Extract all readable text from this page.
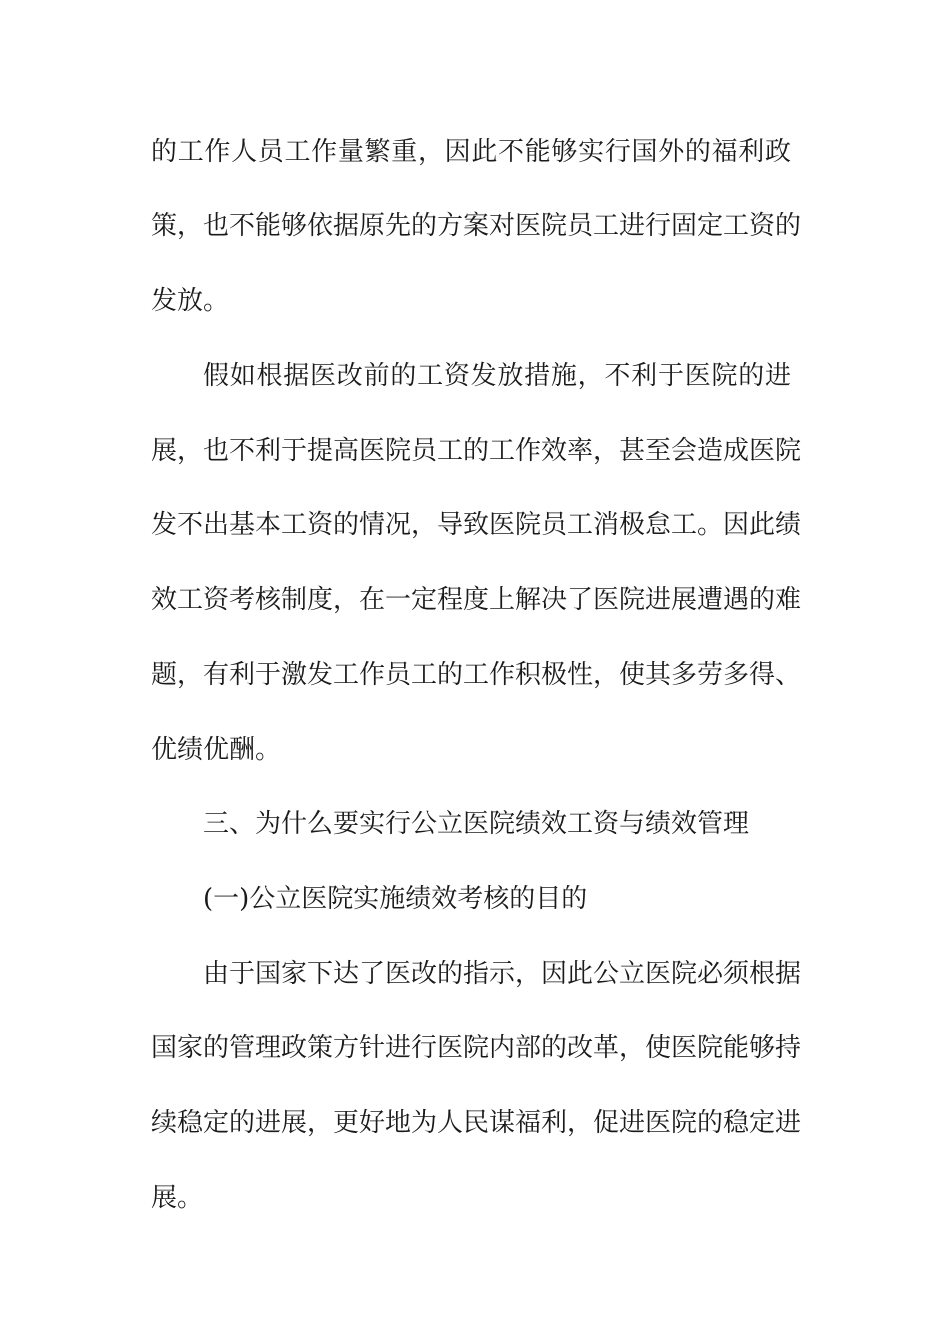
的工作人员工作量繁重，因此不能够实行国外的福利政
策，也不能够依据原先的方案对医院员工进行固定工资的
发放。
假如根据医改前的工资发放措施，不利于医院的进
展，也不利于提高医院员工的工作效率，甚至会造成医院
发不出基本工资的情况，导致医院员工消极怠工。因此绩
效工资考核制度，在一定程度上解决了医院进展遭遇的难
题，有利于激发工作员工的工作积极性，使其多劳多得、
优绩优酬。
三、为什么要实行公立医院绩效工资与绩效管理
(一)公立医院实施绩效考核的目的
由于国家下达了医改的指示，因此公立医院必须根据
国家的管理政策方针进行医院内部的改革，使医院能够持
续稳定的进展，更好地为人民谋福利，促进医院的稳定进
展。
